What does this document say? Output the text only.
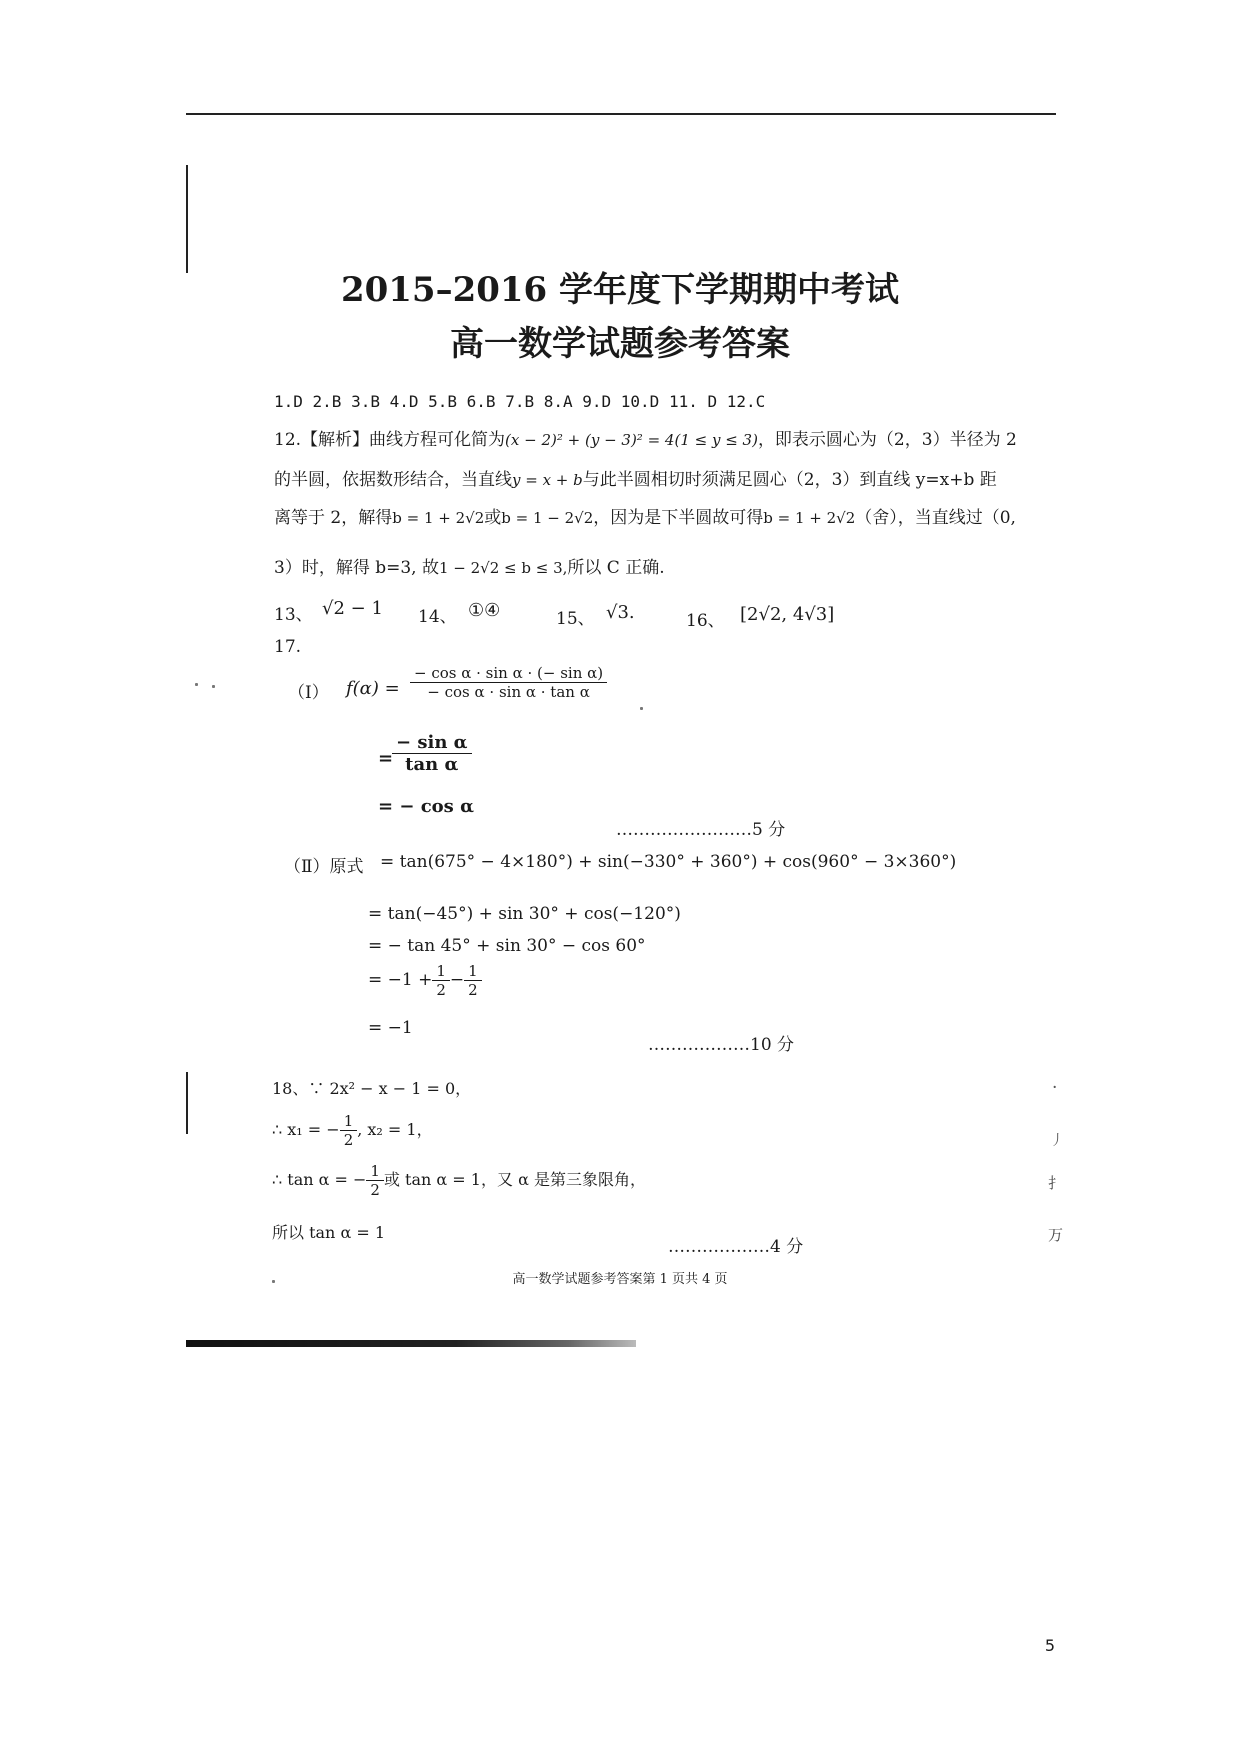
2015–2016 学年度下学期期中考试
高一数学试题参考答案
1.D 2.B 3.B 4.D 5.B 6.B 7.B 8.A 9.D 10.D 11. D 12.C
12.【解析】曲线方程可化简为(x − 2)² + (y − 3)² = 4(1 ≤ y ≤ 3)，即表示圆心为（2，3）半径为 2
的半圆，依据数形结合，当直线y = x + b与此半圆相切时须满足圆心（2，3）到直线 y=x+b 距
离等于 2，解得b = 1 + 2√2或b = 1 − 2√2，因为是下半圆故可得b = 1 + 2√2（舍），当直线过（0,
3）时，解得 b=3, 故1 − 2√2 ≤ b ≤ 3,所以 C 正确.
13、 √2 − 1 14、 ①④	15、 √3.	16、 [2√2, 4√3]
17.
（Ⅰ） $f(\alpha) = \frac{\text{− cos α · sin α · (− sin α)}}{\text{− cos α · sin α · tan α}}$
=
$\frac{\text{− sin α}}{\text{tan α}}$
= − cos α
……………………5 分
（Ⅱ）原式 = tan(675° − 4×180°) + sin(−330° + 360°) + cos(960° − 3×360°)
= tan(−45°) + sin 30° + cos(−120°)
= − tan 45° + sin 30° − cos 60°
= $-1 + \frac{1}{2} - \frac{1}{2}$
= −1
………………10 分
18、∵ 2x² − x − 1 = 0，
∴ x₁ = − $\frac{1}{2}$ , x₂ = 1，
∴ tan α = − $\frac{1}{2}$ 或 tan α = 1，又 α 是第三象限角，
所以 tan α = 1
………………4 分
·
丿
扌
万
高一数学试题参考答案第 1 页共 4 页
5
